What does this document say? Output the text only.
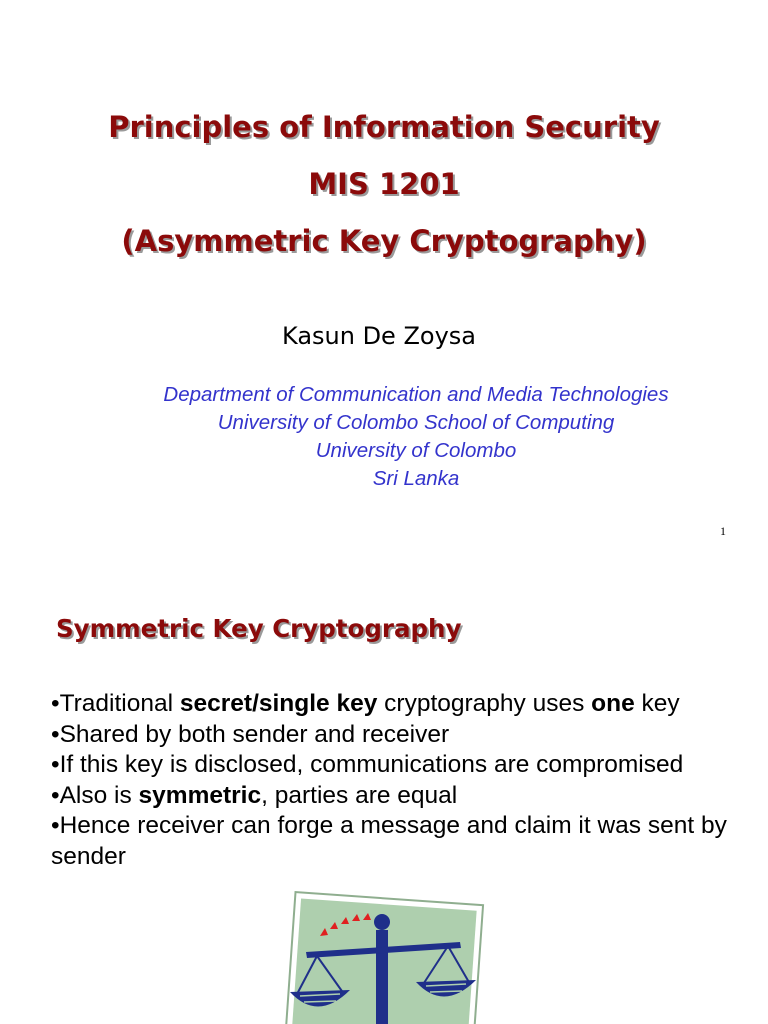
Principles of Information Security
MIS 1201
(Asymmetric Key Cryptography)
Kasun De Zoysa
Department of Communication and Media Technologies
University of Colombo School of Computing
University of Colombo
Sri Lanka
1
Symmetric Key Cryptography
•Traditional secret/single key cryptography uses one key
•Shared by both sender and receiver
•If this key is disclosed, communications are compromised
•Also is symmetric, parties are equal
•Hence receiver can forge a message and claim it was sent by sender
